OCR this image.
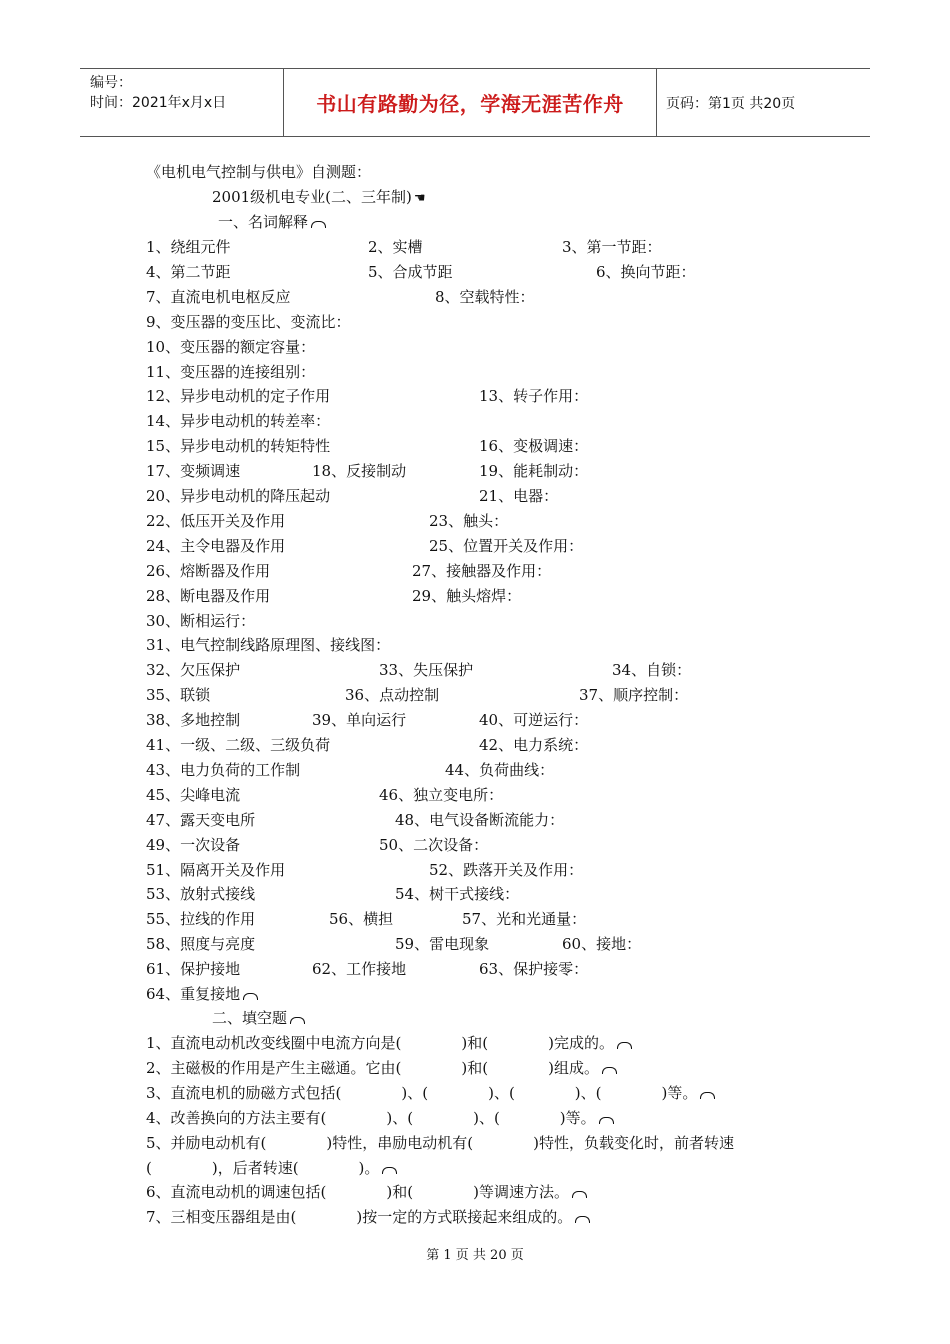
编号：
时间：2021年x月x日	书山有路勤为径，学海无涯苦作舟	页码：第1页 共20页
《电机电气控制与供电》自测题：
2001级机电专业(二、三年制) ☚
一、名词解释
1、绕组元件	2、实槽	3、第一节距：
4、第二节距	5、合成节距	6、换向节距：
7、直流电机电枢反应	8、空载特性：
9、变压器的变压比、变流比：
10、变压器的额定容量：
11、变压器的连接组别：
12、异步电动机的定子作用	13、转子作用：
14、异步电动机的转差率：
15、异步电动机的转矩特性	16、变极调速：
17、变频调速	18、反接制动	19、能耗制动：
20、异步电动机的降压起动	21、电器：
22、低压开关及作用	23、触头：
24、主令电器及作用	25、位置开关及作用：
26、熔断器及作用	27、接触器及作用：
28、断电器及作用	29、触头熔焊：
30、断相运行：
31、电气控制线路原理图、接线图：
32、欠压保护	33、失压保护	34、自锁：
35、联锁	36、点动控制	37、顺序控制：
38、多地控制	39、单向运行	40、可逆运行：
41、一级、二级、三级负荷	42、电力系统：
43、电力负荷的工作制	44、负荷曲线：
45、尖峰电流	46、独立变电所：
47、露天变电所	48、电气设备断流能力：
49、一次设备	50、二次设备：
51、隔离开关及作用	52、跌落开关及作用：
53、放射式接线	54、树干式接线：
55、拉线的作用	56、横担	57、光和光通量：
58、照度与亮度	59、雷电现象	60、接地：
61、保护接地	62、工作接地	63、保护接零：
64、重复接地
二、填空题
1、直流电动机改变线圈中电流方向是(　　　　)和(　　　　)完成的。
2、主磁极的作用是产生主磁通。它由(　　　　)和(　　　　)组成。
3、直流电机的励磁方式包括(　　　　)、(　　　　)、(　　　　)、(　　　　)等。
4、改善换向的方法主要有(　　　　)、(　　　　)、(　　　　)等。
5、并励电动机有(　　　　)特性，串励电动机有(　　　　)特性，负载变化时，前者转速
(　　　　)，后者转速(　　　　)。
6、直流电动机的调速包括(　　　　)和(　　　　)等调速方法。
7、三相变压器组是由(　　　　)按一定的方式联接起来组成的。
第 1 页 共 20 页
